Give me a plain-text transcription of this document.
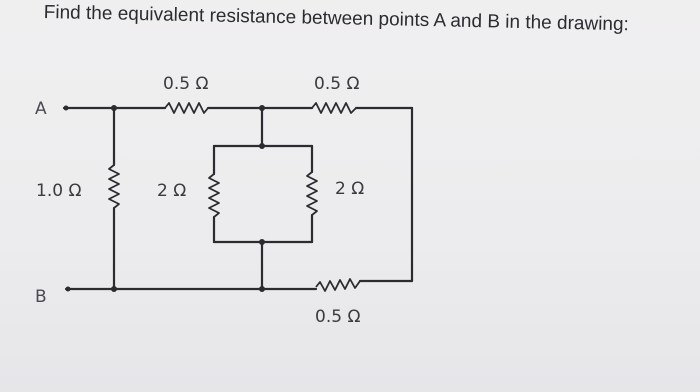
Find the equivalent resistance between points A and B in the drawing:
A
B
0.5 Ω	0.5 Ω
1.0 Ω	2 Ω	2 Ω
0.5 Ω
